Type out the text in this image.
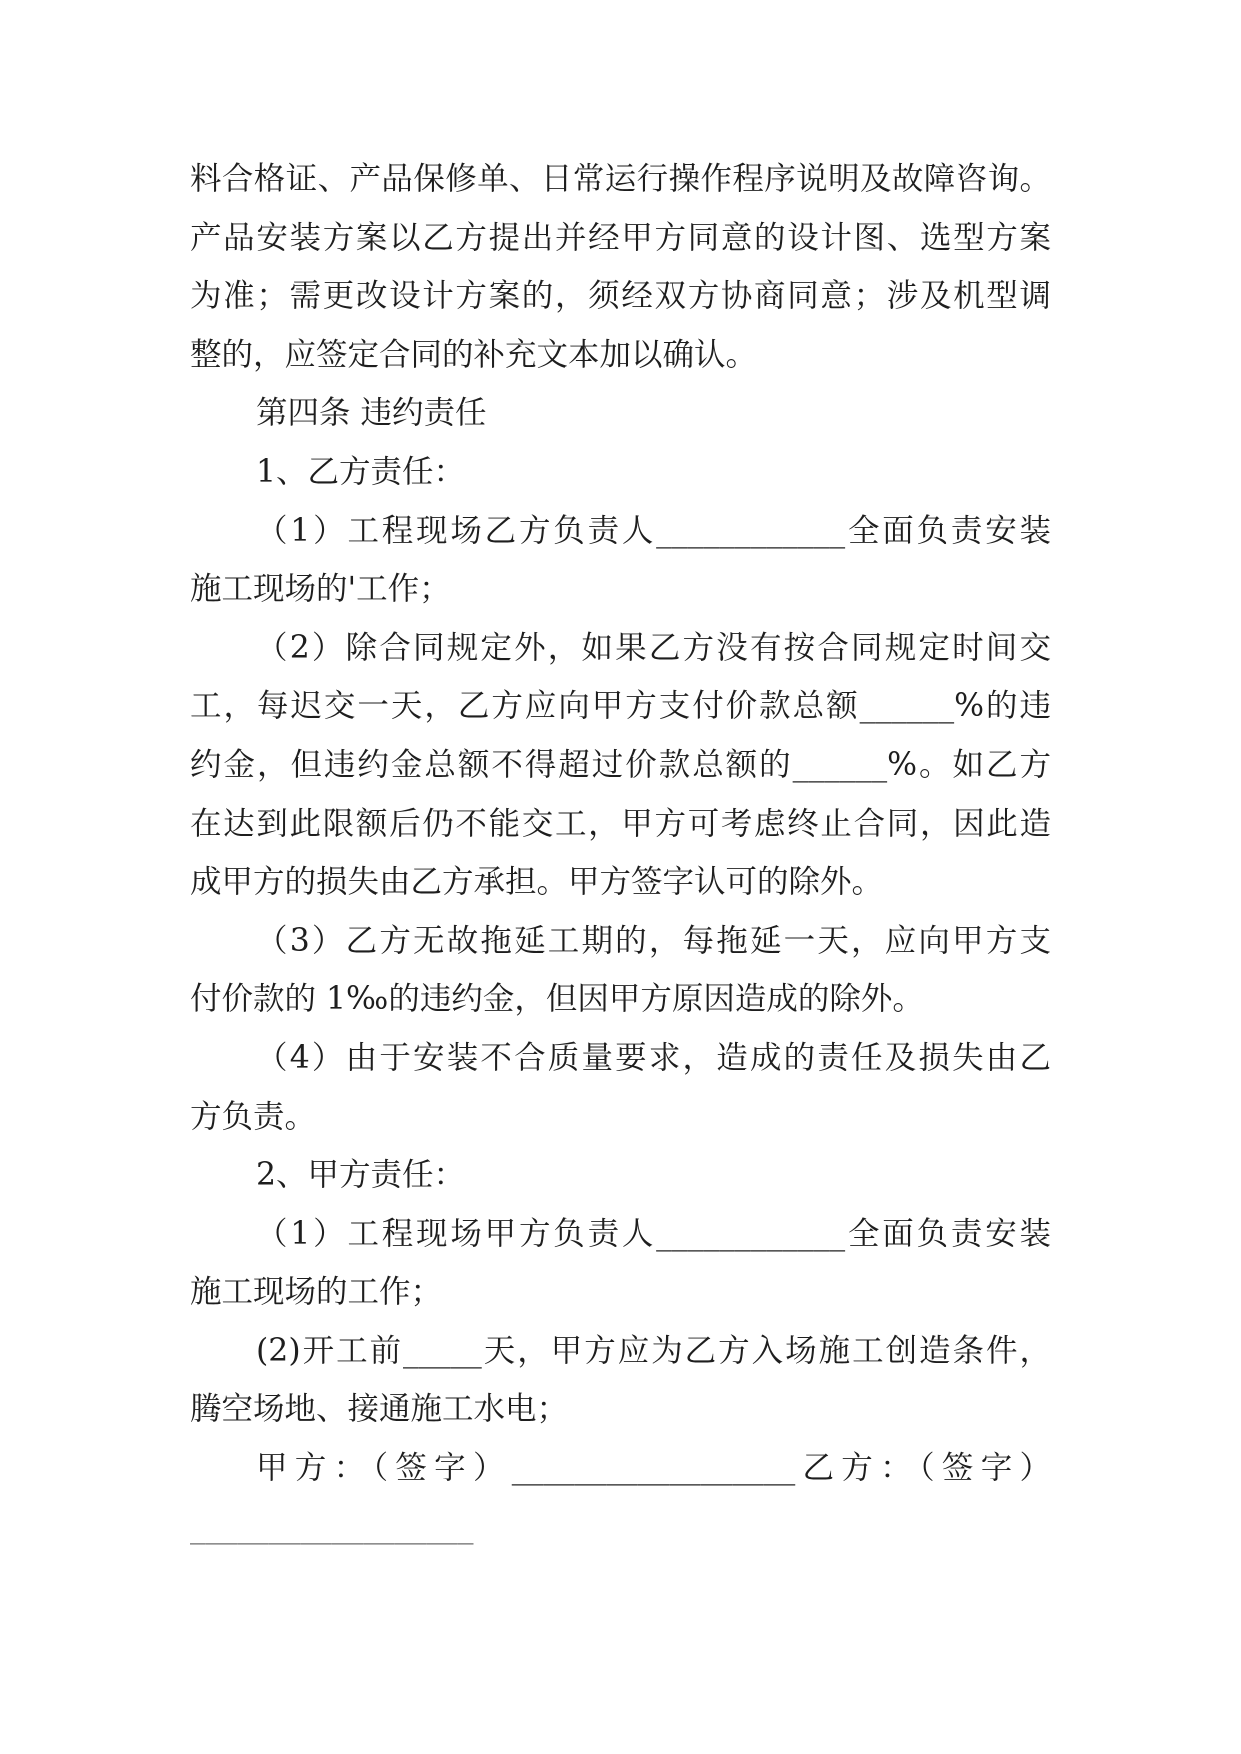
料合格证、产品保修单、日常运行操作程序说明及故障咨询。
产品安装方案以乙方提出并经甲方同意的设计图、选型方案
为准；需更改设计方案的，须经双方协商同意；涉及机型调
整的，应签定合同的补充文本加以确认。
第四条 违约责任
1、乙方责任：
（1）工程现场乙方负责人____________全面负责安装
施工现场的'工作；
（2）除合同规定外，如果乙方没有按合同规定时间交
工，每迟交一天，乙方应向甲方支付价款总额______%的违
约金，但违约金总额不得超过价款总额的______%。如乙方
在达到此限额后仍不能交工，甲方可考虑终止合同，因此造
成甲方的损失由乙方承担。甲方签字认可的除外。
（3）乙方无故拖延工期的，每拖延一天，应向甲方支
付价款的 1‰的违约金，但因甲方原因造成的除外。
（4）由于安装不合质量要求，造成的责任及损失由乙
方负责。
2、甲方责任：
（1）工程现场甲方负责人____________全面负责安装
施工现场的工作；
(2)开工前_____天，甲方应为乙方入场施工创造条件，
腾空场地、接通施工水电；
甲方：（签字）__________________乙方：（签字）
__________________
